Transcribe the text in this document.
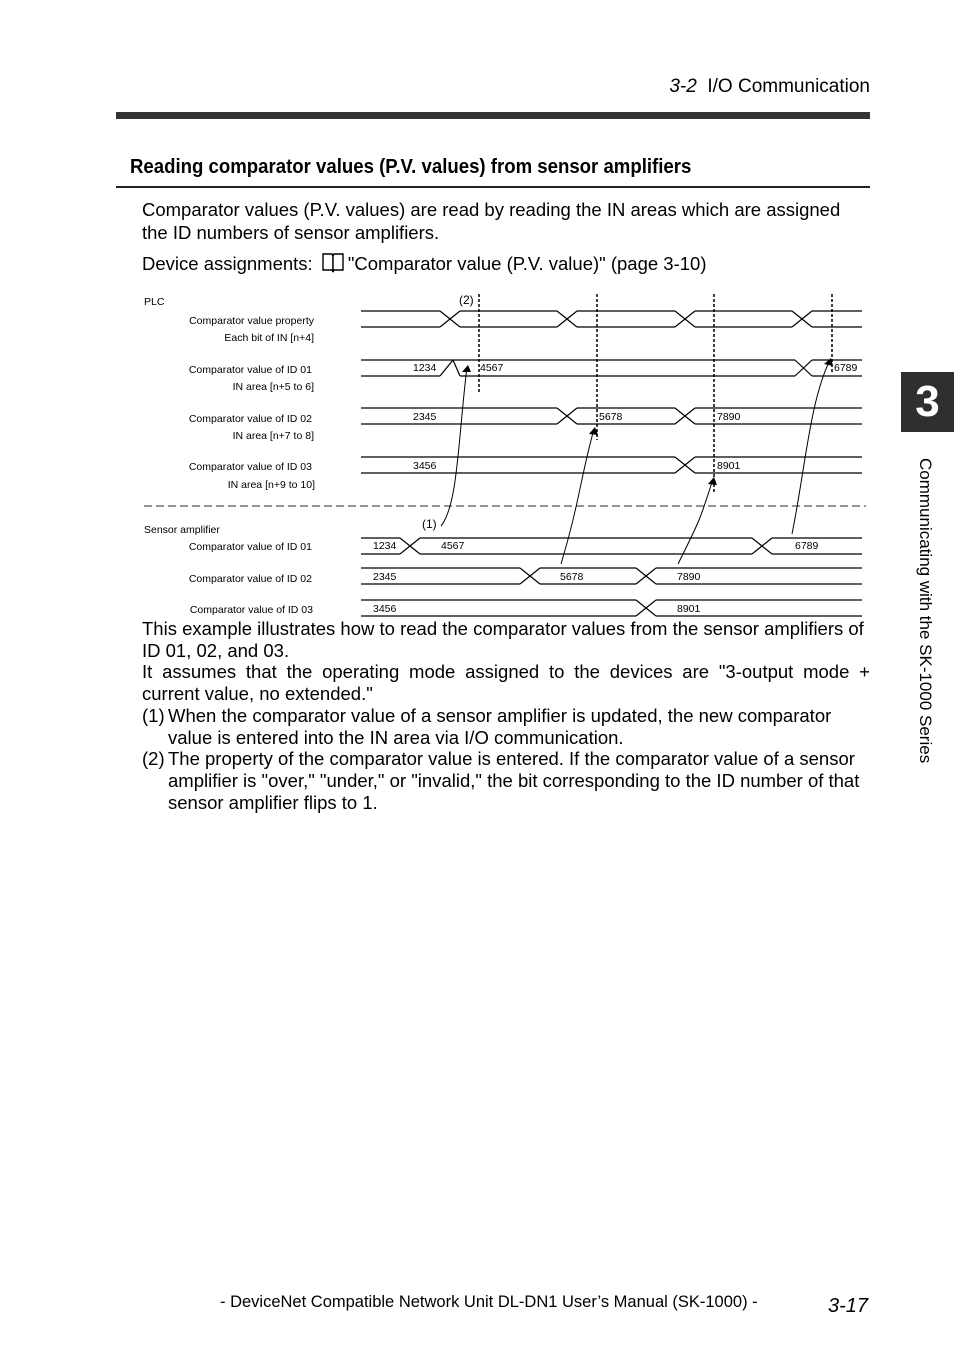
3-2 I/O Communication
Reading comparator values (P.V. values) from sensor amplifiers
Comparator values (P.V. values) are read by reading the IN areas which are assigned the ID numbers of sensor amplifiers.
Device assignments: "Comparator value (P.V. value)" (page 3-10)
PLC	(2)
(1)
Sensor amplifier
Comparator value property
Each bit of IN [n+4]
Comparator value of ID 01
IN area [n+5 to 6]
Comparator value of ID 02
IN area [n+7 to 8]
Comparator value of ID 03
IN area [n+9 to 10]
Comparator value of ID 01
Comparator value of ID 02
Comparator value of ID 03
1234	4567	6789
2345	5678	7890
3456	8901
1234	4567	6789
2345	5678	7890
3456	8901
This example illustrates how to read the comparator values from the sensor amplifiers of ID 01, 02, and 03.
It assumes that the operating mode assigned to the devices are "3-output mode +
current value, no extended."
(1) When the comparator value of a sensor amplifier is updated, the new comparator value is entered into the IN area via I/O communication.
(2) The property of the comparator value is entered. If the comparator value of a sensor amplifier is "over," "under," or "invalid," the bit corresponding to the ID number of that sensor amplifier flips to 1.
3
Communicating with the SK-1000 Series
- DeviceNet Compatible Network Unit DL-DN1 User’s Manual (SK-1000) -	3-17
